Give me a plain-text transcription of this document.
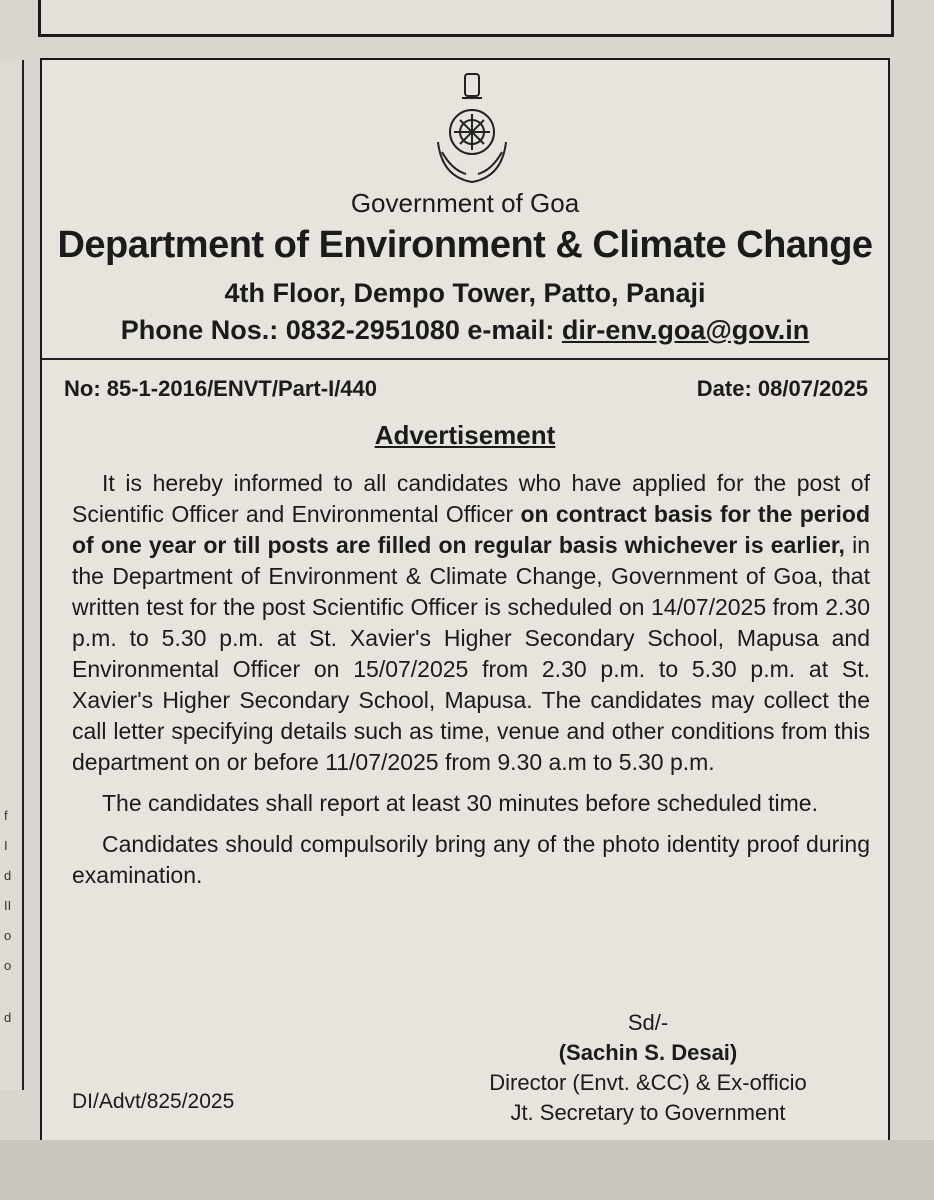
f
I
d
II
o
o
d
Government of Goa
Department of Environment & Climate Change
4th Floor, Dempo Tower, Patto, Panaji
Phone Nos.: 0832-2951080 e-mail: dir-env.goa@gov.in
No: 85-1-2016/ENVT/Part-I/440	Date: 08/07/2025
Advertisement

It is hereby informed to all candidates who have applied for the post of Scientific Officer and Environmental Officer on contract basis for the period of one year or till posts are filled on regular basis whichever is earlier, in the Department of Environment & Climate Change, Government of Goa, that written test for the post Scientific Officer is scheduled on 14/07/2025 from 2.30 p.m. to 5.30 p.m. at St. Xavier's Higher Secondary School, Mapusa and Environmental Officer on 15/07/2025 from 2.30 p.m. to 5.30 p.m. at St. Xavier's Higher Secondary School, Mapusa. The candidates may collect the call letter specifying details such as time, venue and other conditions from this department on or before 11/07/2025 from 9.30 a.m to 5.30 p.m.

The candidates shall report at least 30 minutes before scheduled time.

Candidates should compulsorily bring any of the photo identity proof during examination.

Sd/-
(Sachin S. Desai)
Director (Envt. &CC) & Ex-officio
Jt. Secretary to Government
DI/Advt/825/2025
